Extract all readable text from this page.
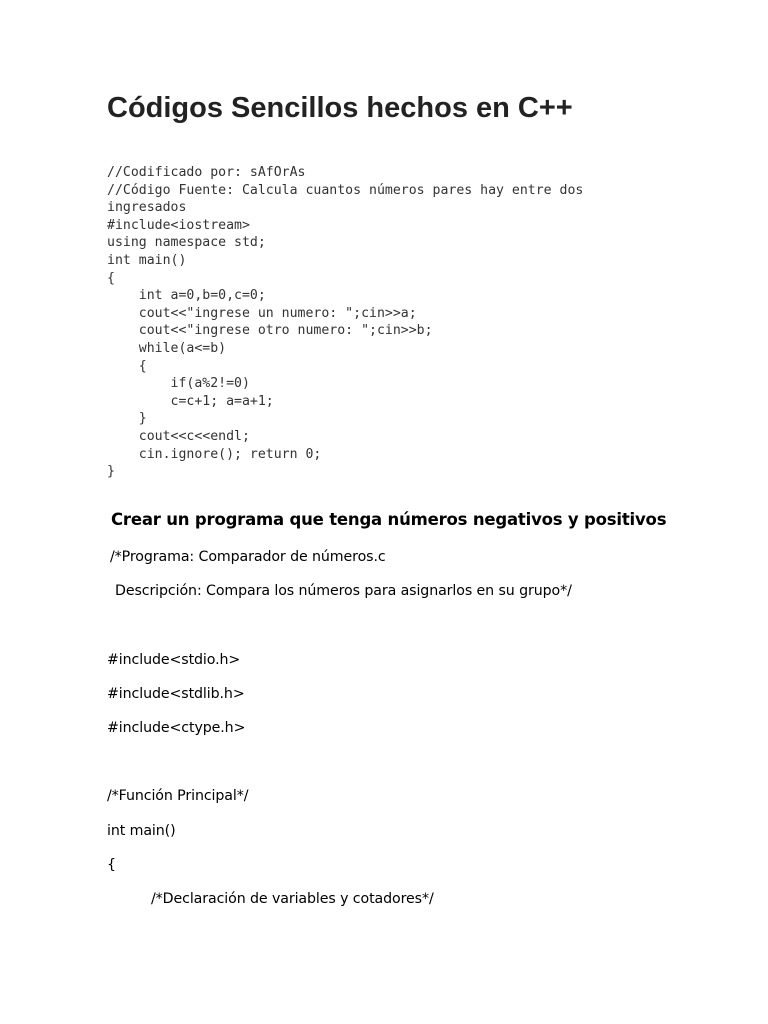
Códigos Sencillos hechos en C++
//Codificado por: sAfOrAs
//Código Fuente: Calcula cuantos números pares hay entre dos
ingresados
#include<iostream>
using namespace std;
int main()
{
int a=0,b=0,c=0;
cout<<"ingrese un numero: ";cin>>a;
cout<<"ingrese otro numero: ";cin>>b;
while(a<=b)
{
if(a%2!=0)
c=c+1; a=a+1;
}
cout<<c<<endl;
cin.ignore(); return 0;
}
Crear un programa que tenga números negativos y positivos
/*Programa: Comparador de números.c
Descripción: Compara los números para asignarlos en su grupo*/
#include<stdio.h>
#include<stdlib.h>
#include<ctype.h>
/*Función Principal*/
int main()
{
/*Declaración de variables y cotadores*/
